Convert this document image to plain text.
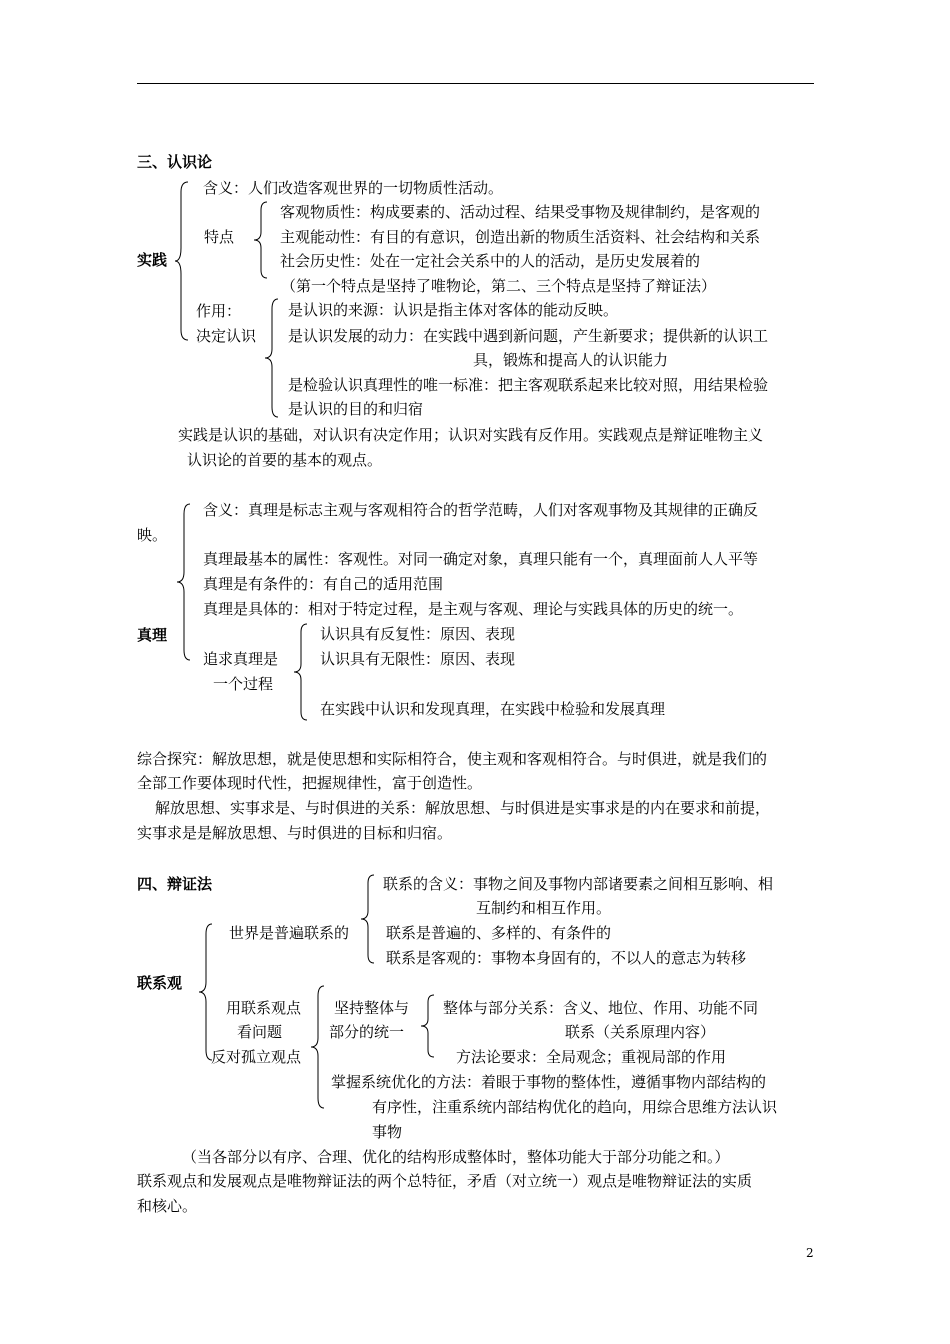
三、认识论
实践
含义：人们改造客观世界的一切物质性活动。
特点
客观物质性：构成要素的、活动过程、结果受事物及规律制约，是客观的
主观能动性：有目的有意识，创造出新的物质生活资料、社会结构和关系
社会历史性：处在一定社会关系中的人的活动，是历史发展着的
（第一个特点是坚持了唯物论，第二、三个特点是坚持了辩证法）
作用：
决定认识
是认识的来源：认识是指主体对客体的能动反映。
是认识发展的动力：在实践中遇到新问题，产生新要求；提供新的认识工
具，锻炼和提高人的认识能力
是检验认识真理性的唯一标准：把主客观联系起来比较对照，用结果检验
是认识的目的和归宿
实践是认识的基础，对认识有决定作用；认识对实践有反作用。实践观点是辩证唯物主义
认识论的首要的基本的观点。
含义：真理是标志主观与客观相符合的哲学范畴，人们对客观事物及其规律的正确反
映。
真理最基本的属性：客观性。对同一确定对象，真理只能有一个，真理面前人人平等
真理是有条件的：有自己的适用范围
真理是具体的：相对于特定过程，是主观与客观、理论与实践具体的历史的统一。
真理
追求真理是
一个过程
认识具有反复性：原因、表现
认识具有无限性：原因、表现
在实践中认识和发现真理，在实践中检验和发展真理
综合探究：解放思想，就是使思想和实际相符合，使主观和客观相符合。与时俱进，就是我们的
全部工作要体现时代性，把握规律性，富于创造性。
解放思想、实事求是、与时俱进的关系：解放思想、与时俱进是实事求是的内在要求和前提，
实事求是是解放思想、与时俱进的目标和归宿。
四、辩证法	联系的含义：事物之间及事物内部诸要素之间相互影响、相
互制约和相互作用。
联系是普遍的、多样的、有条件的
联系是客观的：事物本身固有的，不以人的意志为转移
世界是普遍联系的
联系观
用联系观点
看问题
反对孤立观点
坚持整体与
部分的统一
整体与部分关系：含义、地位、作用、功能不同
联系（关系原理内容）
方法论要求：全局观念；重视局部的作用
掌握系统优化的方法：着眼于事物的整体性，遵循事物内部结构的
有序性，注重系统内部结构优化的趋向，用综合思维方法认识
事物
（当各部分以有序、合理、优化的结构形成整体时，整体功能大于部分功能之和。）
联系观点和发展观点是唯物辩证法的两个总特征，矛盾（对立统一）观点是唯物辩证法的实质
和核心。
2
